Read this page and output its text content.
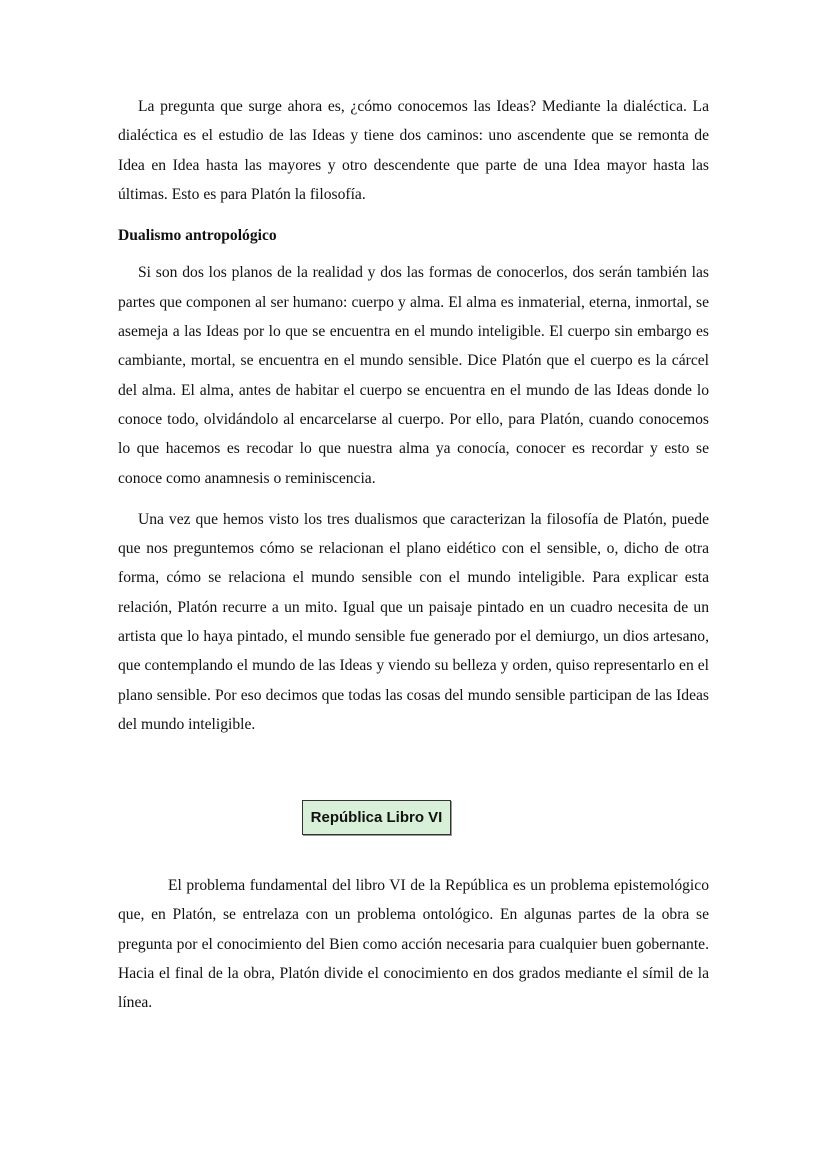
La pregunta que surge ahora es, ¿cómo conocemos las Ideas? Mediante la dialéctica. La dialéctica es el estudio de las Ideas y tiene dos caminos: uno ascendente que se remonta de Idea en Idea hasta las mayores y otro descendente que parte de una Idea mayor hasta las últimas. Esto es para Platón la filosofía.

Dualismo antropológico

Si son dos los planos de la realidad y dos las formas de conocerlos, dos serán también las partes que componen al ser humano: cuerpo y alma. El alma es inmaterial, eterna, inmortal, se asemeja a las Ideas por lo que se encuentra en el mundo inteligible. El cuerpo sin embargo es cambiante, mortal, se encuentra en el mundo sensible. Dice Platón que el cuerpo es la cárcel del alma. El alma, antes de habitar el cuerpo se encuentra en el mundo de las Ideas donde lo conoce todo, olvidándolo al encarcelarse al cuerpo. Por ello, para Platón, cuando conocemos lo que hacemos es recodar lo que nuestra alma ya conocía, conocer es recordar y esto se conoce como anamnesis o reminiscencia.

Una vez que hemos visto los tres dualismos que caracterizan la filosofía de Platón, puede que nos preguntemos cómo se relacionan el plano eidético con el sensible, o, dicho de otra forma, cómo se relaciona el mundo sensible con el mundo inteligible. Para explicar esta relación, Platón recurre a un mito. Igual que un paisaje pintado en un cuadro necesita de un artista que lo haya pintado, el mundo sensible fue generado por el demiurgo, un dios artesano, que contemplando el mundo de las Ideas y viendo su belleza y orden, quiso representarlo en el plano sensible. Por eso decimos que todas las cosas del mundo sensible participan de las Ideas del mundo inteligible.

República Libro VI

El problema fundamental del libro VI de la República es un problema epistemológico que, en Platón, se entrelaza con un problema ontológico. En algunas partes de la obra se pregunta por el conocimiento del Bien como acción necesaria para cualquier buen gobernante. Hacia el final de la obra, Platón divide el conocimiento en dos grados mediante el símil de la línea.
